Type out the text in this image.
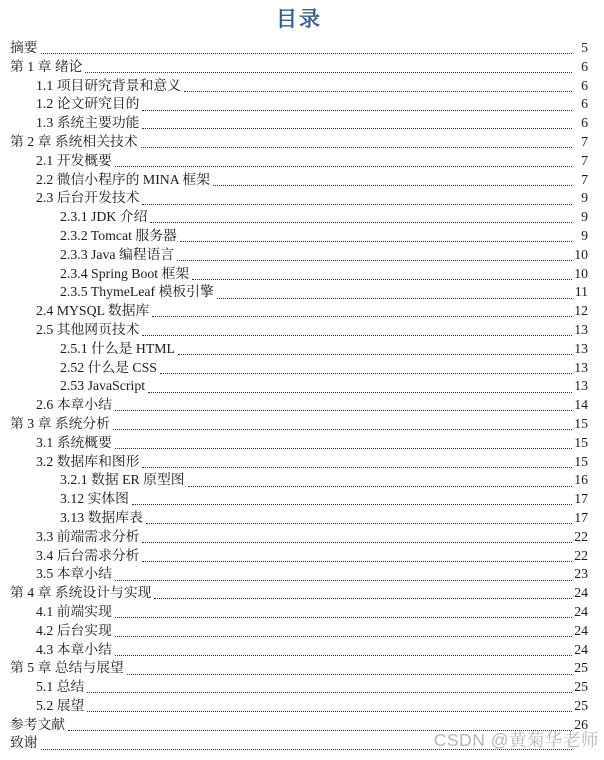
目录
摘要	5
第 1 章 绪论	6
1.1 项目研究背景和意义	6
1.2 论文研究目的	6
1.3 系统主要功能	6
第 2 章 系统相关技术	7
2.1 开发概要	7
2.2 微信小程序的 MINA 框架	7
2.3 后台开发技术	9
2.3.1 JDK 介绍	9
2.3.2 Tomcat 服务器	9
2.3.3 Java 编程语言	10
2.3.4 Spring Boot 框架	10
2.3.5 ThymeLeaf 模板引擎	11
2.4 MYSQL 数据库	12
2.5 其他网页技术	13
2.5.1 什么是 HTML	13
2.52 什么是 CSS	13
2.53 JavaScript	13
2.6 本章小结	14
第 3 章 系统分析	15
3.1 系统概要	15
3.2 数据库和图形	15
3.2.1 数据 ER 原型图	16
3.12 实体图	17
3.13 数据库表	17
3.3 前端需求分析	22
3.4 后台需求分析	22
3.5 本章小结	23
第 4 章 系统设计与实现	24
4.1 前端实现	24
4.2 后台实现	24
4.3 本章小结	24
第 5 章 总结与展望	25
5.1 总结	25
5.2 展望	25
参考文献	26
致谢	CSDN @黄菊华老师
